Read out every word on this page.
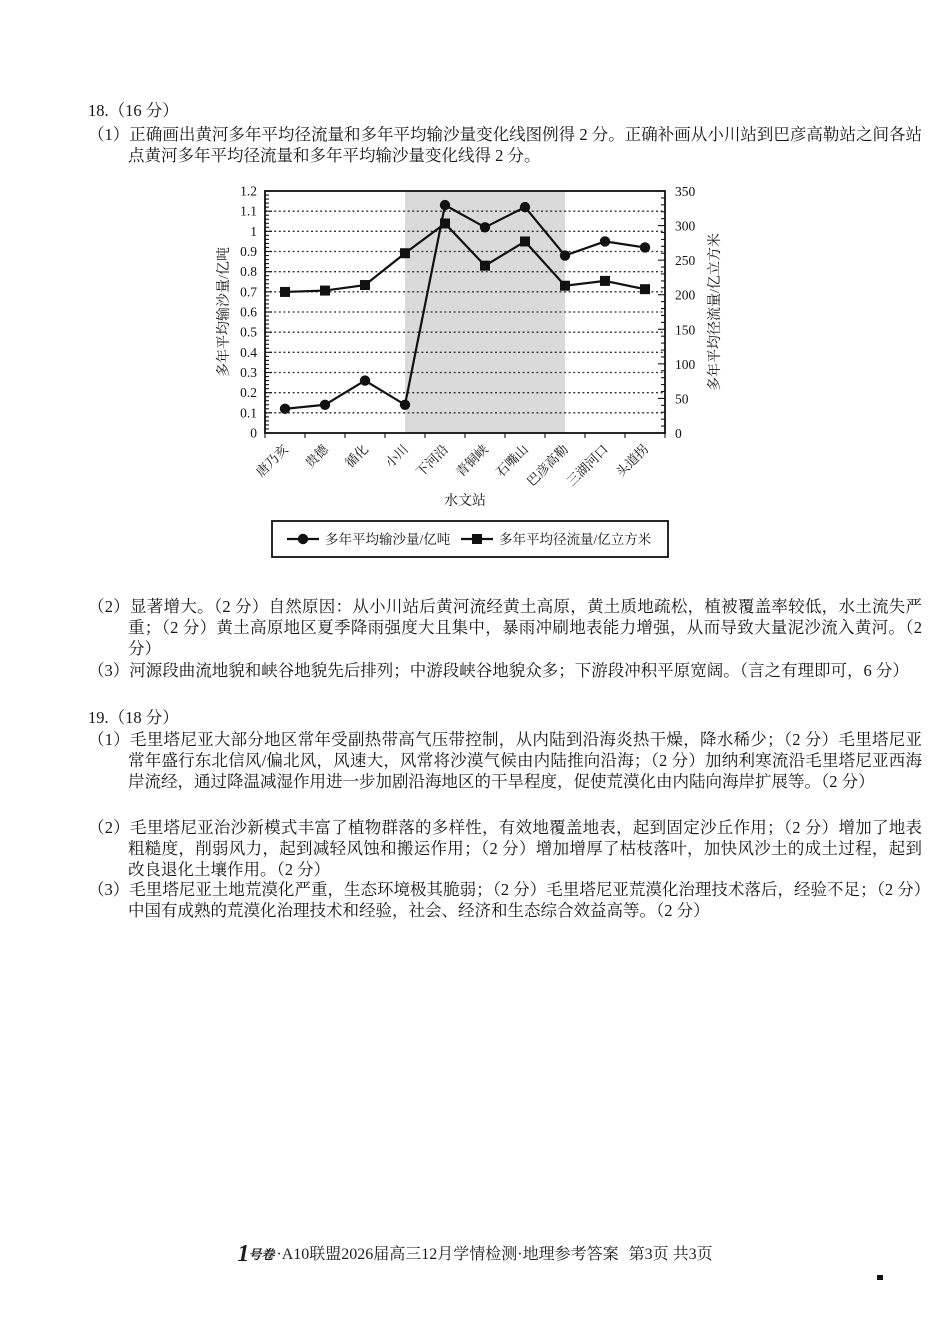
18.（16 分）
（1）正确画出黄河多年平均径流量和多年平均输沙量变化线图例得 2 分。正确补画从小川站到巴彦高勒站之间各站点黄河多年平均径流量和多年平均输沙量变化线得 2 分。
0
0.1
0.2
0.3
0.4
0.5
0.6
0.7
0.8
0.9
1
1.1
1.2
0
50
100
150
200
250
300
350
唐乃亥 贵德 循化 小川 下河沿 青铜峡 石嘴山
巴彦高勒
三湖河口 头道拐
多年平均输沙量/亿吨	多年平均径流量/亿立方米
水文站
多年平均输沙量/亿吨	多年平均径流量/亿立方米
（2）显著增大。（2 分）自然原因：从小川站后黄河流经黄土高原，黄土质地疏松，植被覆盖率较低，水土流失严重；（2 分）黄土高原地区夏季降雨强度大且集中，暴雨冲刷地表能力增强，从而导致大量泥沙流入黄河。（2 分）
（3）河源段曲流地貌和峡谷地貌先后排列；中游段峡谷地貌众多；下游段冲积平原宽阔。（言之有理即可，6 分）
19.（18 分）
（1）毛里塔尼亚大部分地区常年受副热带高气压带控制，从内陆到沿海炎热干燥，降水稀少；（2 分）毛里塔尼亚常年盛行东北信风/偏北风，风速大，风常将沙漠气候由内陆推向沿海；（2 分）加纳利寒流沿毛里塔尼亚西海岸流经，通过降温减湿作用进一步加剧沿海地区的干旱程度，促使荒漠化由内陆向海岸扩展等。（2 分）
（2）毛里塔尼亚治沙新模式丰富了植物群落的多样性，有效地覆盖地表，起到固定沙丘作用；（2 分）增加了地表粗糙度，削弱风力，起到减轻风蚀和搬运作用；（2 分）增加增厚了枯枝落叶，加快风沙土的成土过程，起到改良退化土壤作用。（2 分）
（3）毛里塔尼亚土地荒漠化严重，生态环境极其脆弱；（2 分）毛里塔尼亚荒漠化治理技术落后，经验不足；（2 分）中国有成熟的荒漠化治理技术和经验，社会、经济和生态综合效益高等。（2 分）
1号卷 ·A10联盟2026届高三12月学情检测·地理参考答案 第3页 共3页
